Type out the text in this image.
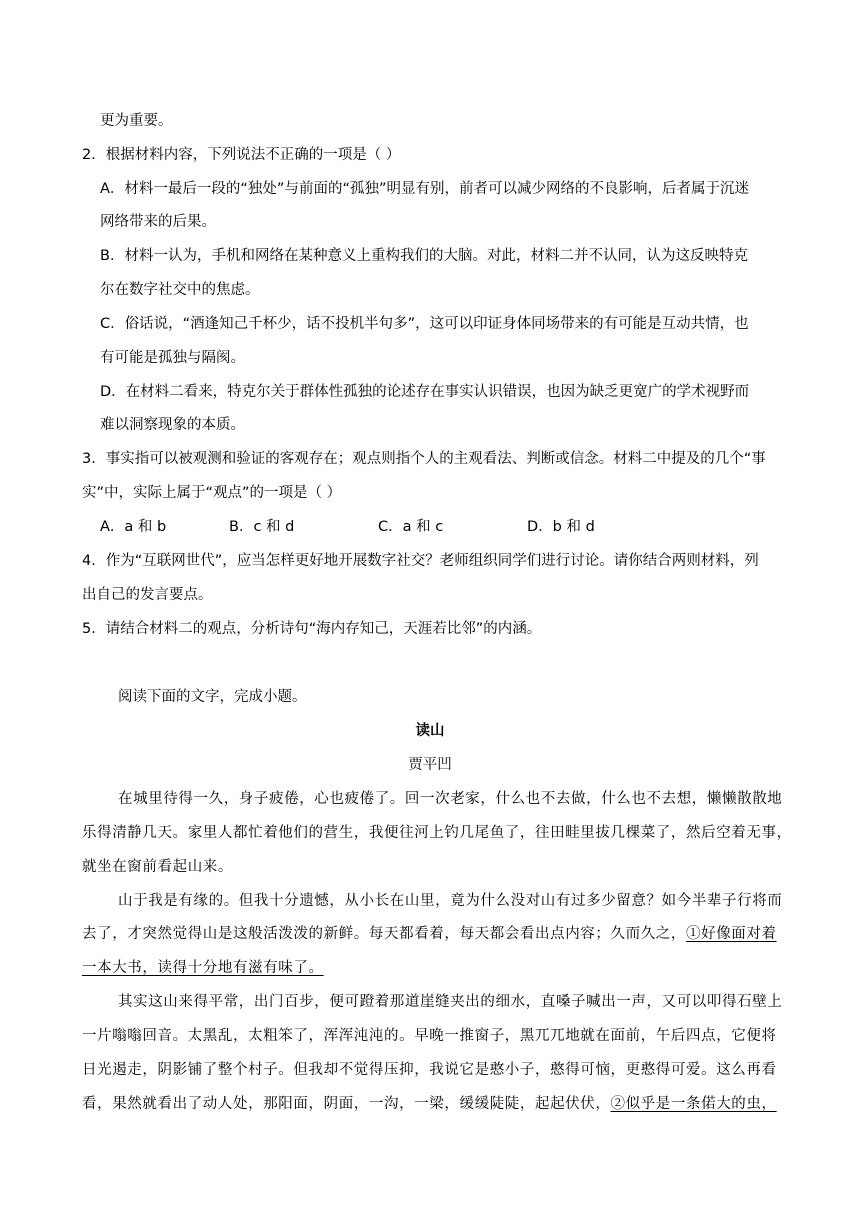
更为重要。
2．根据材料内容，下列说法不正确的一项是（ ）
A．材料一最后一段的“独处”与前面的“孤独”明显有别，前者可以减少网络的不良影响，后者属于沉迷
网络带来的后果。
B．材料一认为，手机和网络在某种意义上重构我们的大脑。对此，材料二并不认同，认为这反映特克
尔在数字社交中的焦虑。
C．俗话说，“酒逢知己千杯少，话不投机半句多”，这可以印证身体同场带来的有可能是互动共情，也
有可能是孤独与隔阂。
D．在材料二看来，特克尔关于群体性孤独的论述存在事实认识错误，也因为缺乏更宽广的学术视野而
难以洞察现象的本质。
3．事实指可以被观测和验证的客观存在；观点则指个人的主观看法、判断或信念。材料二中提及的几个“事
实”中，实际上属于“观点”的一项是（ ）
A．a 和 b	B．c 和 d	C．a 和 c	D．b 和 d
4．作为“互联网世代”，应当怎样更好地开展数字社交？老师组织同学们进行讨论。请你结合两则材料，列
出自己的发言要点。
5．请结合材料二的观点，分析诗句“海内存知己，天涯若比邻”的内涵。
阅读下面的文字，完成小题。
读山
贾平凹
在城里待得一久，身子疲倦，心也疲倦了。回一次老家，什么也不去做，什么也不去想，懒懒散散地
乐得清静几天。家里人都忙着他们的营生，我便往河上钓几尾鱼了，往田畦里拔几棵菜了，然后空着无事，
就坐在窗前看起山来。
山于我是有缘的。但我十分遗憾，从小长在山里，竟为什么没对山有过多少留意？如今半辈子行将而
去了，才突然觉得山是这般活泼泼的新鲜。每天都看着，每天都会看出点内容；久而久之，①好像面对着
一本大书，读得十分地有滋有味了。
其实这山来得平常，出门百步，便可蹬着那道崖缝夹出的细水，直嗓子喊出一声，又可以叩得石壁上
一片嗡嗡回音。太黑乱，太粗笨了，浑浑沌沌的。早晚一推窗子，黑兀兀地就在面前，午后四点，它便将
日光遏走，阴影铺了整个村子。但我却不觉得压抑，我说它是憨小子，憨得可恼，更憨得可爱。这么再看
看，果然就看出了动人处，那阳面，阴面，一沟，一梁，缓缓陡陡，起起伏伏，②似乎是一条偌大的虫，
